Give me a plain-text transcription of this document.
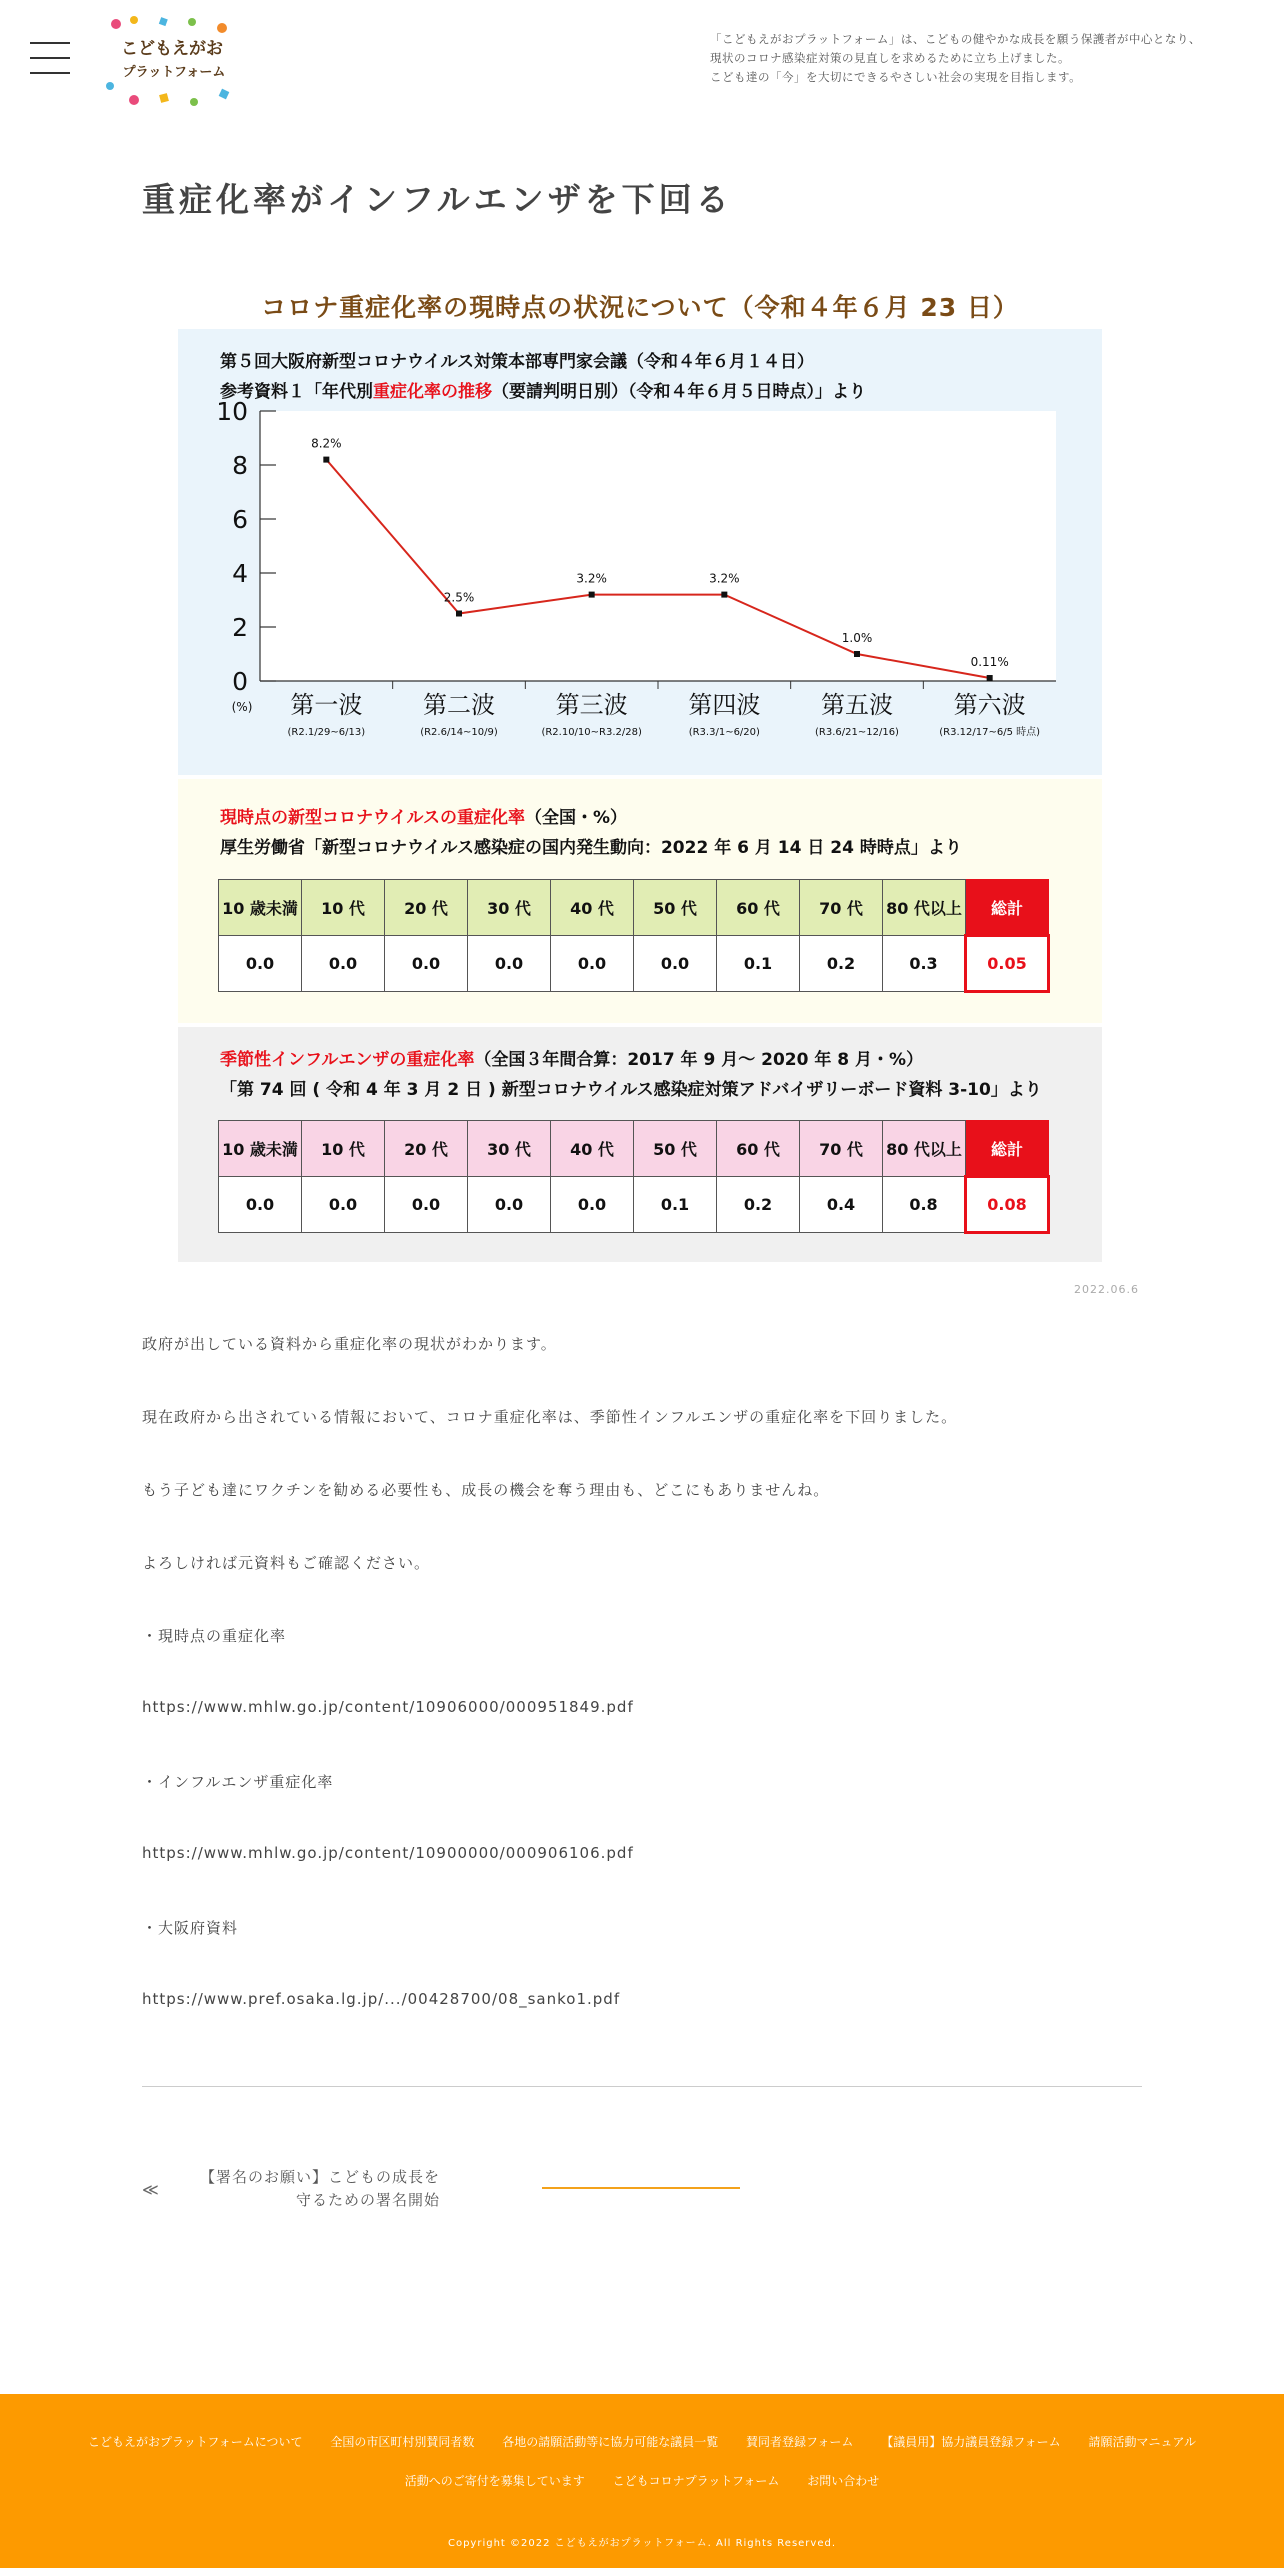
こどもえがお
プラットフォーム
「こどもえがおプラットフォーム」は、こどもの健やかな成長を願う保護者が中心となり、
現状のコロナ感染症対策の見直しを求めるために立ち上げました。
こども達の「今」を大切にできるやさしい社会の実現を目指します。
重症化率がインフルエンザを下回る
コロナ重症化率の現時点の状況について（令和４年６月 23 日）
第５回大阪府新型コロナウイルス対策本部専門家会議（令和４年６月１４日）
参考資料１「年代別重症化率の推移（要請判明日別）（令和４年６月５日時点）」より
0
2
4
6
8
10
(%) 第一波
(R2.1/29~6/13)
第二波
(R2.6/14~10/9)
第三波
(R2.10/10~R3.2/28)
第四波
(R3.3/1~6/20)
第五波
(R3.6/21~12/16)
第六波
(R3.12/17~6/5 時点)
8.2%
2.5%
3.2%	3.2%
1.0%
0.11%
現時点の新型コロナウイルスの重症化率（全国・%）
厚生労働省「新型コロナウイルス感染症の国内発生動向：2022 年 6 月 14 日 24 時時点」より
10 歳未満	10 代	20 代	30 代	40 代	50 代	60 代	70 代	80 代以上	総計
0.0	0.0	0.0	0.0	0.0	0.0	0.1	0.2	0.3	0.05
季節性インフルエンザの重症化率（全国３年間合算：2017 年 9 月〜 2020 年 8 月・%）
「第 74 回 ( 令和 4 年 3 月 2 日 ) 新型コロナウイルス感染症対策アドバイザリーボード資料 3-10」より
10 歳未満	10 代	20 代	30 代	40 代	50 代	60 代	70 代	80 代以上	総計
0.0	0.0	0.0	0.0	0.0	0.1	0.2	0.4	0.8	0.08
2022.06.6
政府が出している資料から重症化率の現状がわかります。
現在政府から出されている情報において、コロナ重症化率は、季節性インフルエンザの重症化率を下回りました。
もう子ども達にワクチンを勧める必要性も、成長の機会を奪う理由も、どこにもありませんね。
よろしければ元資料もご確認ください。
・現時点の重症化率
https://www.mhlw.go.jp/content/10906000/000951849.pdf
・インフルエンザ重症化率
https://www.mhlw.go.jp/content/10900000/000906106.pdf
・大阪府資料
https://www.pref.osaka.lg.jp/.../00428700/08_sanko1.pdf
≪
【署名のお願い】こどもの成長を
守るための署名開始
こどもえがおプラットフォームについて 全国の市区町村別賛同者数 各地の請願活動等に協力可能な議員一覧 賛同者登録フォーム 【議員用】協力議員登録フォーム 請願活動マニュアル
活動へのご寄付を募集しています こどもコロナプラットフォーム お問い合わせ
Copyright ©2022 こどもえがおプラットフォーム. All Rights Reserved.
